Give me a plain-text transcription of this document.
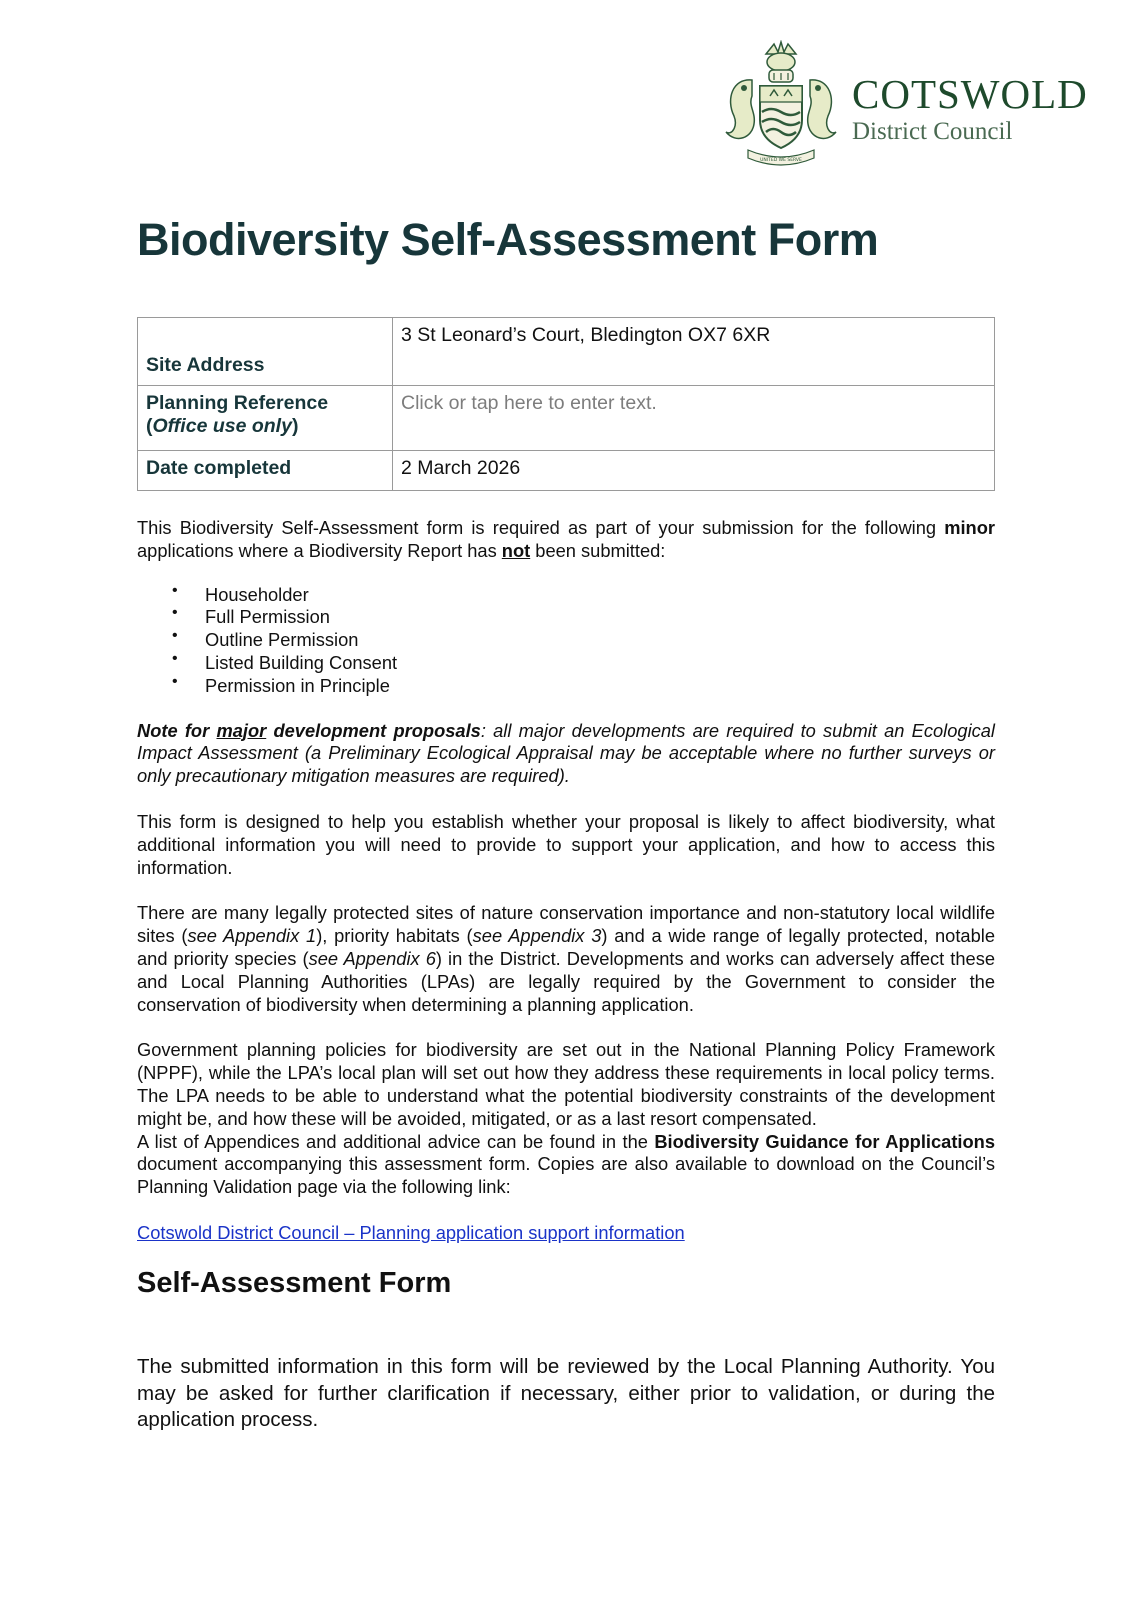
UNITED WE SERVE
COTSWOLD
District Council
Biodiversity Self-Assessment Form
Site Address	3 St Leonard’s Court, Bledington OX7 6XR
Planning Reference
(Office use only)	Click or tap here to enter text.
Date completed	2 March 2026

This Biodiversity Self-Assessment form is required as part of your submission for the following minor applications where a Biodiversity Report has not been submitted:

• Householder
• Full Permission
• Outline Permission
• Listed Building Consent
• Permission in Principle

Note for major development proposals: all major developments are required to submit an Ecological Impact Assessment (a Preliminary Ecological Appraisal may be acceptable where no further surveys or only precautionary mitigation measures are required).

This form is designed to help you establish whether your proposal is likely to affect biodiversity, what additional information you will need to provide to support your application, and how to access this information.

There are many legally protected sites of nature conservation importance and non-statutory local wildlife sites (see Appendix 1), priority habitats (see Appendix 3) and a wide range of legally protected, notable and priority species (see Appendix 6) in the District. Developments and works can adversely affect these and Local Planning Authorities (LPAs) are legally required by the Government to consider the conservation of biodiversity when determining a planning application.

Government planning policies for biodiversity are set out in the National Planning Policy Framework (NPPF), while the LPA’s local plan will set out how they address these requirements in local policy terms. The LPA needs to be able to understand what the potential biodiversity constraints of the development might be, and how these will be avoided, mitigated, or as a last resort compensated.

A list of Appendices and additional advice can be found in the Biodiversity Guidance for Applications document accompanying this assessment form. Copies are also available to download on the Council’s Planning Validation page via the following link:

Cotswold District Council – Planning application support information

Self-Assessment Form

The submitted information in this form will be reviewed by the Local Planning Authority. You may be asked for further clarification if necessary, either prior to validation, or during the application process.
